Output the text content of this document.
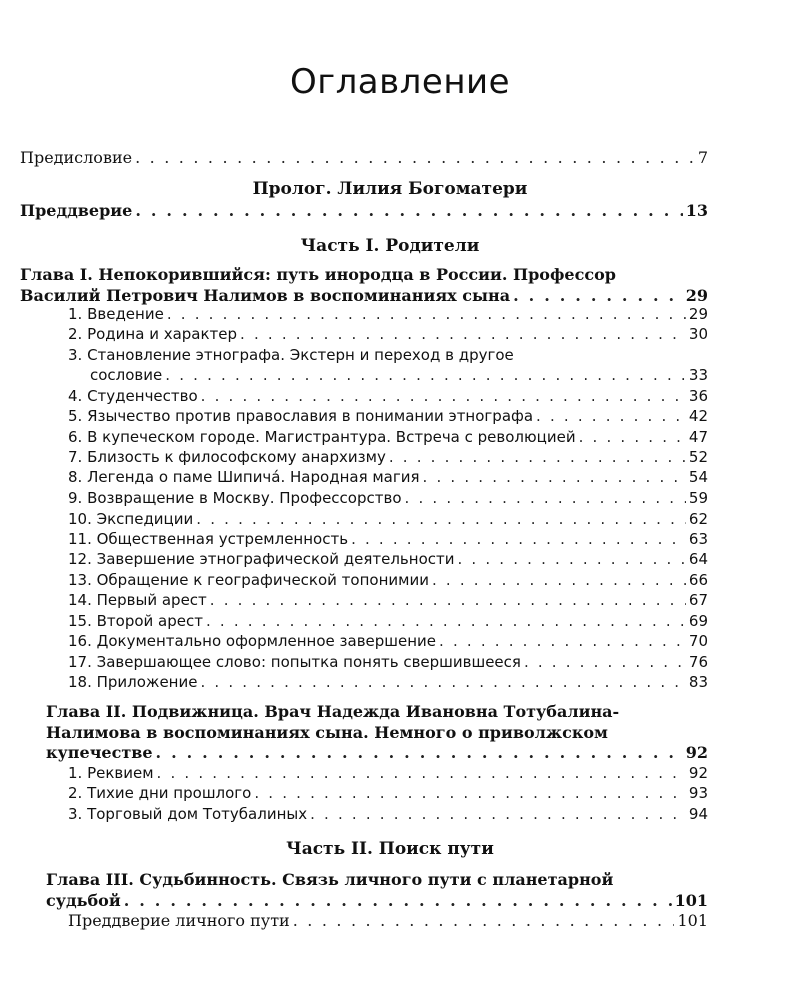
Оглавление
Предисловие . . .	7
Пролог. Лилия Богоматери
Преддверие . . .	13
Часть I. Родители
Глава I. Непокорившийся: путь инородца в России. Профессор
Василий Петрович Налимов в воспоминаниях сына . . .	29
1. Введение . . .	29
2. Родина и характер . . .	30
3. Становление этнографа. Экстерн и переход в другое
сословие . . .	33
4. Студенчество . . .	36
5. Язычество против православия в понимании этнографа . . .	42
6. В купеческом городе. Магистрантура. Встреча с революцией . . .	47
7. Близость к философскому анархизму . . .	52
8. Легенда о паме Шипичá. Народная магия . . .	54
9. Возвращение в Москву. Профессорство . . .	59
10. Экспедиции . . .	62
11. Общественная устремленность . . .	63
12. Завершение этнографической деятельности . . .	64
13. Обращение к географической топонимии . . .	66
14. Первый арест . . .	67
15. Второй арест . . .	69
16. Документально оформленное завершение . . .	70
17. Завершающее слово: попытка понять свершившееся . . .	76
18. Приложение . . .	83
Глава II. Подвижница. Врач Надежда Ивановна Тотубалина-
Налимова в воспоминаниях сына. Немного о приволжском
купечестве . . .	92
1. Реквием . . .	92
2. Тихие дни прошлого . . .	93
3. Торговый дом Тотубалиных . . .	94
Часть II. Поиск пути
Глава III. Судьбинность. Связь личного пути с планетарной
судьбой . . .	101
Преддверие личного пути . . .	101
